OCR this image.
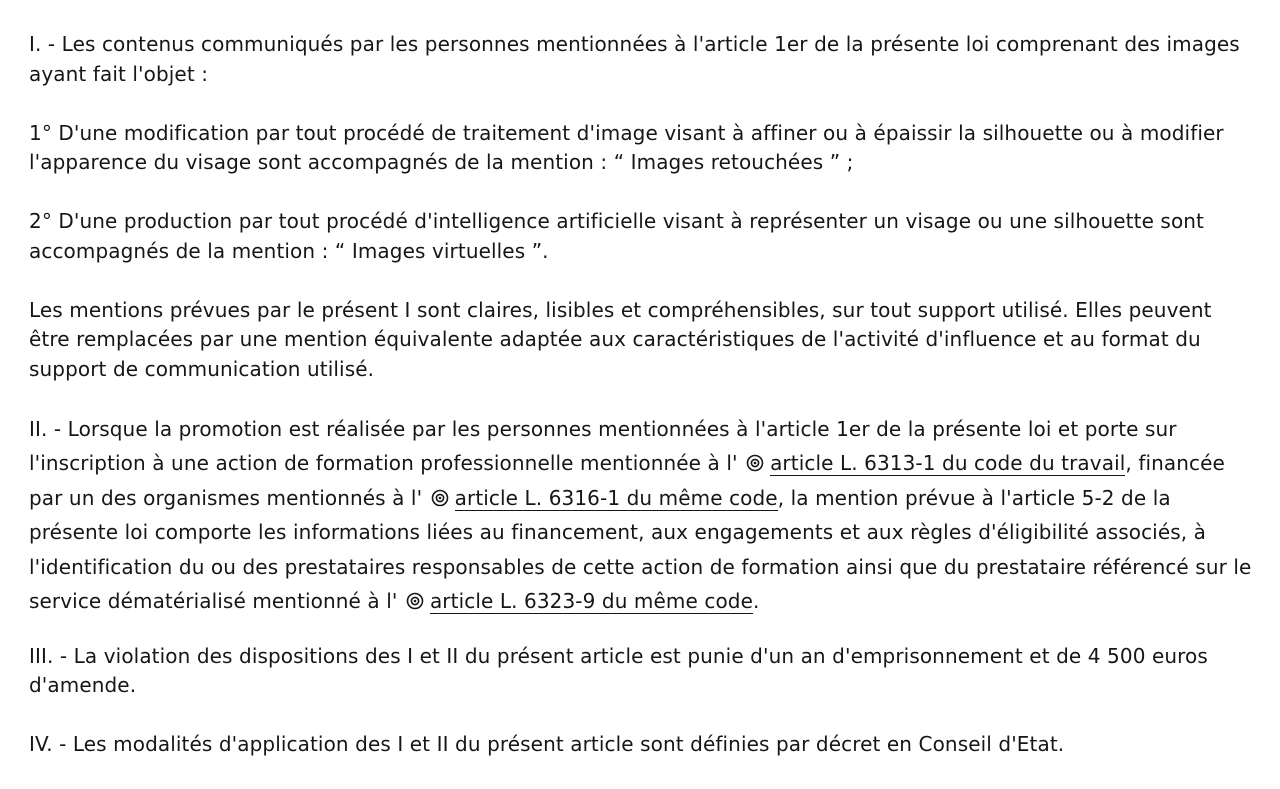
I. - Les contenus communiqués par les personnes mentionnées à l'article 1er de la présente loi comprenant des images ayant fait l'objet :

1° D'une modification par tout procédé de traitement d'image visant à affiner ou à épaissir la silhouette ou à modifier l'apparence du visage sont accompagnés de la mention : “ Images retouchées ” ;

2° D'une production par tout procédé d'intelligence artificielle visant à représenter un visage ou une silhouette sont accompagnés de la mention : “ Images virtuelles ”.

Les mentions prévues par le présent I sont claires, lisibles et compréhensibles, sur tout support utilisé. Elles peuvent être remplacées par une mention équivalente adaptée aux caractéristiques de l'activité d'influence et au format du support de communication utilisé.

II. - Lorsque la promotion est réalisée par les personnes mentionnées à l'article 1er de la présente loi et porte sur l'inscription à une action de formation professionnelle mentionnée à l' article L. 6313-1 du code du travail, financée par un des organismes mentionnés à l' article L. 6316-1 du même code, la mention prévue à l'article 5-2 de la présente loi comporte les informations liées au financement, aux engagements et aux règles d'éligibilité associés, à l'identification du ou des prestataires responsables de cette action de formation ainsi que du prestataire référencé sur le service dématérialisé mentionné à l' article L. 6323-9 du même code.

III. - La violation des dispositions des I et II du présent article est punie d'un an d'emprisonnement et de 4 500 euros d'amende.

IV. - Les modalités d'application des I et II du présent article sont définies par décret en Conseil d'Etat.
